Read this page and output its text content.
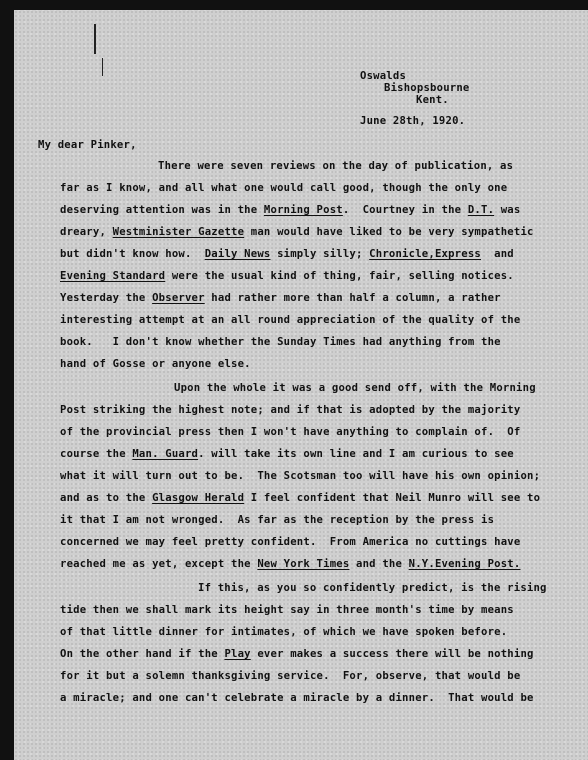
Oswalds
Bishopsbourne
Kent.
June 28th, 1920.
My dear Pinker,
There were seven reviews on the day of publication, as
far as I know, and all what one would call good, though the only one
deserving attention was in the Morning Post.  Courtney in the D.T. was
dreary, Westminister Gazette man would have liked to be very sympathetic
but didn't know how.  Daily News simply silly; Chronicle,Express  and
Evening Standard were the usual kind of thing, fair, selling notices.
Yesterday the Observer had rather more than half a column, a rather
interesting attempt at an all round appreciation of the quality of the
book.   I don't know whether the Sunday Times had anything from the
hand of Gosse or anyone else.
Upon the whole it was a good send off, with the Morning
Post striking the highest note; and if that is adopted by the majority
of the provincial press then I won't have anything to complain of.  Of
course the Man. Guard. will take its own line and I am curious to see
what it will turn out to be.  The Scotsman too will have his own opinion;
and as to the Glasgow Herald I feel confident that Neil Munro will see to
it that I am not wronged.  As far as the reception by the press is
concerned we may feel pretty confident.  From America no cuttings have
reached me as yet, except the New York Times and the N.Y.Evening Post.
If this, as you so confidently predict, is the rising
tide then we shall mark its height say in three month's time by means
of that little dinner for intimates, of which we have spoken before.
On the other hand if the Play ever makes a success there will be nothing
for it but a solemn thanksgiving service.  For, observe, that would be
a miracle; and one can't celebrate a miracle by a dinner.  That would be
